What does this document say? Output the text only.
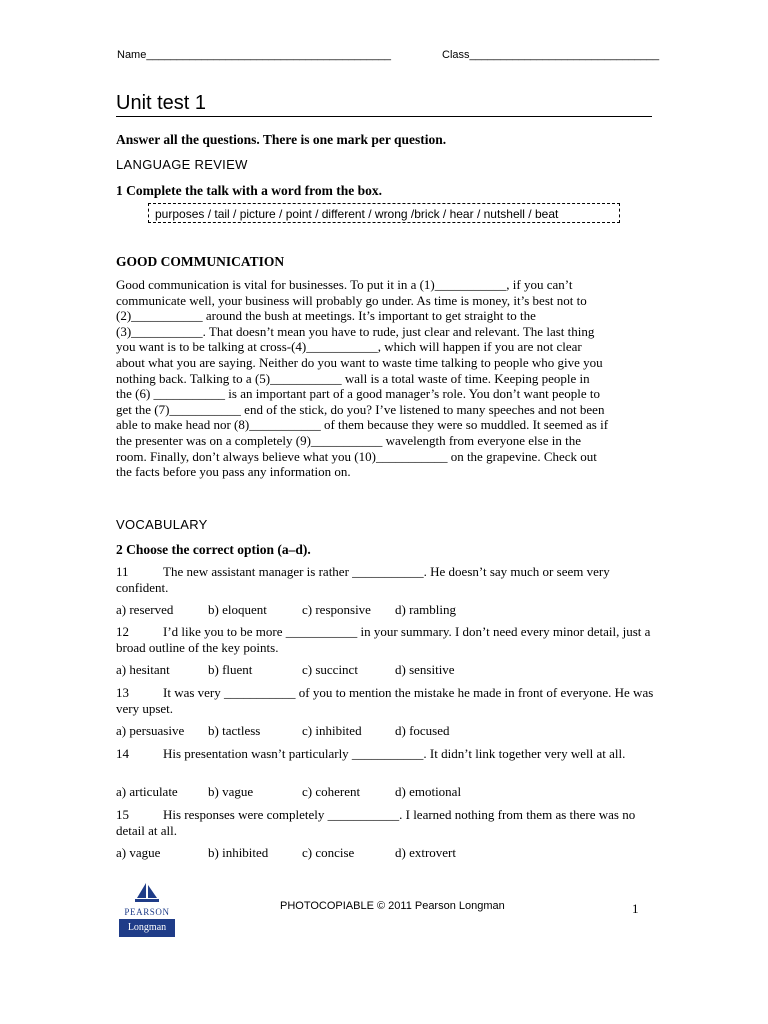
Name________________________________________	Class_______________________________
Unit test 1
Answer all the questions. There is one mark per question.
LANGUAGE REVIEW
1 Complete the talk with a word from the box.
purposes / tail / picture / point / different / wrong /brick / hear / nutshell / beat
GOOD COMMUNICATION
Good communication is vital for businesses. To put it in a (1)___________, if you can’t
communicate well, your business will probably go under. As time is money, it’s best not to
(2)___________ around the bush at meetings. It’s important to get straight to the
(3)___________. That doesn’t mean you have to rude, just clear and relevant. The last thing
you want is to be talking at cross-(4)___________, which will happen if you are not clear
about what you are saying. Neither do you want to waste time talking to people who give you
nothing back. Talking to a (5)___________ wall is a total waste of time. Keeping people in
the (6) ___________ is an important part of a good manager’s role. You don’t want people to
get the (7)___________ end of the stick, do you? I’ve listened to many speeches and not been
able to make head nor (8)___________ of them because they were so muddled. It seemed as if
the presenter was on a completely (9)___________ wavelength from everyone else in the
room. Finally, don’t always believe what you (10)___________ on the grapevine. Check out
the facts before you pass any information on.
VOCABULARY
2 Choose the correct option (a–d).
11	The new assistant manager is rather ___________. He doesn’t say much or seem very confident.
a) reserved	b) eloquent	c) responsive d) rambling
12	I’d like you to be more ___________ in your summary. I don’t need every minor detail, just a broad outline of the key points.
a) hesitant	b) fluent	c) succinct	d) sensitive
13	It was very ___________ of you to mention the mistake he made in front of everyone. He was very upset.
a) persuasive b) tactless	c) inhibited	d) focused
14	His presentation wasn’t particularly ___________. It didn’t link together very well at all.
a) articulate b) vague	c) coherent	d) emotional
15	His responses were completely ___________. I learned nothing from them as there was no detail at all.
a) vague	b) inhibited	c) concise	d) extrovert
PEARSON
Longman
PHOTOCOPIABLE © 2011 Pearson Longman	1
